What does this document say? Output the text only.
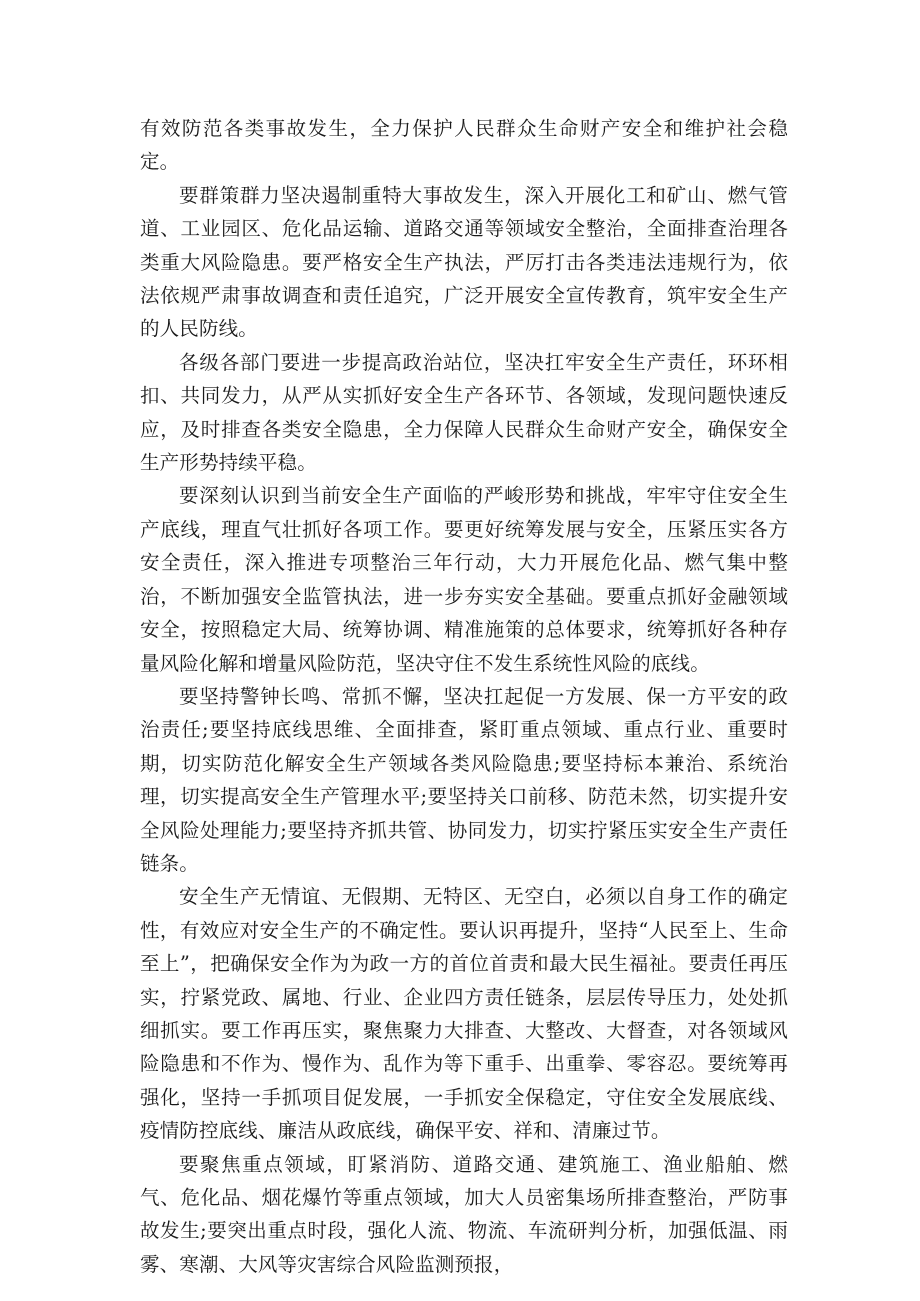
有效防范各类事故发生，全力保护人民群众生命财产安全和维护社会稳定。

要群策群力坚决遏制重特大事故发生，深入开展化工和矿山、燃气管道、工业园区、危化品运输、道路交通等领域安全整治，全面排查治理各类重大风险隐患。要严格安全生产执法，严厉打击各类违法违规行为，依法依规严肃事故调查和责任追究，广泛开展安全宣传教育，筑牢安全生产的人民防线。

各级各部门要进一步提高政治站位，坚决扛牢安全生产责任，环环相扣、共同发力，从严从实抓好安全生产各环节、各领域，发现问题快速反应，及时排查各类安全隐患，全力保障人民群众生命财产安全，确保安全生产形势持续平稳。

要深刻认识到当前安全生产面临的严峻形势和挑战，牢牢守住安全生产底线，理直气壮抓好各项工作。要更好统筹发展与安全，压紧压实各方安全责任，深入推进专项整治三年行动，大力开展危化品、燃气集中整治，不断加强安全监管执法，进一步夯实安全基础。要重点抓好金融领域安全，按照稳定大局、统筹协调、精准施策的总体要求，统筹抓好各种存量风险化解和增量风险防范，坚决守住不发生系统性风险的底线。

要坚持警钟长鸣、常抓不懈，坚决扛起促一方发展、保一方平安的政治责任;要坚持底线思维、全面排查，紧盯重点领域、重点行业、重要时期，切实防范化解安全生产领域各类风险隐患;要坚持标本兼治、系统治理，切实提高安全生产管理水平;要坚持关口前移、防范未然，切实提升安全风险处理能力;要坚持齐抓共管、协同发力，切实拧紧压实安全生产责任链条。

安全生产无情谊、无假期、无特区、无空白，必须以自身工作的确定性，有效应对安全生产的不确定性。要认识再提升，坚持“人民至上、生命至上”，把确保安全作为为政一方的首位首责和最大民生福祉。要责任再压实，拧紧党政、属地、行业、企业四方责任链条，层层传导压力，处处抓细抓实。要工作再压实，聚焦聚力大排查、大整改、大督查，对各领域风险隐患和不作为、慢作为、乱作为等下重手、出重拳、零容忍。要统筹再强化，坚持一手抓项目促发展，一手抓安全保稳定，守住安全发展底线、疫情防控底线、廉洁从政底线，确保平安、祥和、清廉过节。

要聚焦重点领域，盯紧消防、道路交通、建筑施工、渔业船舶、燃气、危化品、烟花爆竹等重点领域，加大人员密集场所排查整治，严防事故发生;要突出重点时段，强化人流、物流、车流研判分析，加强低温、雨雾、寒潮、大风等灾害综合风险监测预报，
